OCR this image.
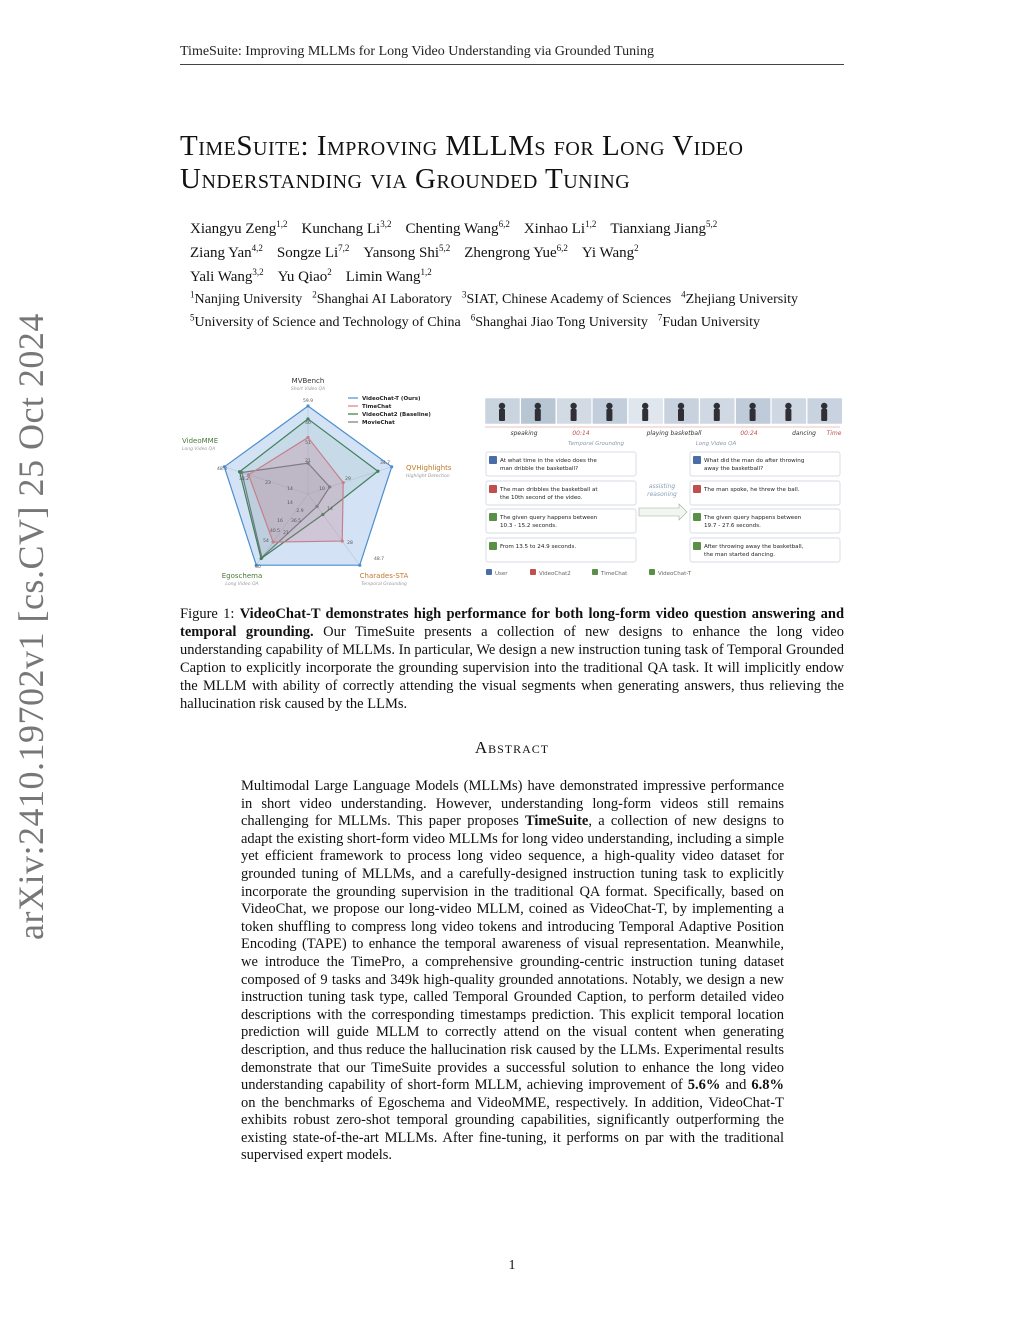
TimeSuite: Improving MLLMs for Long Video Understanding via Grounded Tuning
arXiv:2410.19702v1 [cs.CV] 25 Oct 2024
TimeSuite: Improving MLLMs for Long Video
Understanding via Grounded Tuning
Xiangyu Zeng$^{1,2}$ Kunchang Li$^{3,2}$ Chenting Wang$^{6,2}$ Xinhao Li$^{1,2}$ Tianxiang Jiang$^{5,2}$
Ziang Yan$^{4,2}$ Songze Li$^{7,2}$ Yansong Shi$^{5,2}$ Zhengrong Yue$^{6,2}$ Yi Wang$^2$
Yali Wang$^{3,2}$ Yu Qiao$^2$ Limin Wang$^{1,2}$
$^1$Nanjing University $^2$Shanghai AI Laboratory $^3$SIAT, Chinese Academy of Sciences $^4$Zhejiang University
$^5$University of Science and Technology of China $^6$Shanghai Jiao Tong University $^7$Fudan University
59.9
46
51
21	34.7
29
10
48.7
28
14
60
54
40.5
48.3
38.2
23
14
14
16
21
36.5
2.9
MVBench
Short Video QA
QVHighlights
Highlight Detection
Charades-STA
Temporal Grounding
Egoschema
Long Video QA
VideoMME
Long Video QA
VideoChat-T (Ours)
TimeChat
VideoChat2 (Baseline)
MovieChat
speaking	00:14	playing basketball	00:24	dancing Time
Temporal Grounding	Long Video QA
At what time in the video does the
man dribble the basketball?
The man dribbles the basketball at
the 10th second of the video.
The given query happens between
10.3 - 15.2 seconds.
From 13.5 to 24.9 seconds.
What did the man do after throwing
away the basketball?
The man spoke, he threw the ball.
The given query happens between
19.7 - 27.6 seconds.
After throwing away the basketball,
the man started dancing.
assisting
reasoning
User	VideoChat2	TimeChat	VideoChat-T

Figure 1: VideoChat-T demonstrates high performance for both long-form video question answering and temporal grounding. Our TimeSuite presents a collection of new designs to enhance the long video understanding capability of MLLMs. In particular, We design a new instruction tuning task of Temporal Grounded Caption to explicitly incorporate the grounding supervision into the traditional QA task. It will implicitly endow the MLLM with ability of correctly attending the visual segments when generating answers, thus relieving the hallucination risk caused by the LLMs.

Abstract

Multimodal Large Language Models (MLLMs) have demonstrated impressive performance in short video understanding. However, understanding long-form videos still remains challenging for MLLMs. This paper proposes TimeSuite, a collection of new designs to adapt the existing short-form video MLLMs for long video understanding, including a simple yet efficient framework to process long video sequence, a high-quality video dataset for grounded tuning of MLLMs, and a carefully-designed instruction tuning task to explicitly incorporate the grounding supervision in the traditional QA format. Specifically, based on VideoChat, we propose our long-video MLLM, coined as VideoChat-T, by implementing a token shuffling to compress long video tokens and introducing Temporal Adaptive Position Encoding (TAPE) to enhance the temporal awareness of visual representation. Meanwhile, we introduce the TimePro, a comprehensive grounding-centric instruction tuning dataset composed of 9 tasks and 349k high-quality grounded annotations. Notably, we design a new instruction tuning task type, called Temporal Grounded Caption, to perform detailed video descriptions with the corresponding timestamps prediction. This explicit temporal location prediction will guide MLLM to correctly attend on the visual content when generating description, and thus reduce the hallucination risk caused by the LLMs. Experimental results demonstrate that our TimeSuite provides a successful solution to enhance the long video understanding capability of short-form MLLM, achieving improvement of 5.6% and 6.8% on the benchmarks of Egoschema and VideoMME, respectively. In addition, VideoChat-T exhibits robust zero-shot temporal grounding capabilities, significantly outperforming the existing state-of-the-art MLLMs. After fine-tuning, it performs on par with the traditional supervised expert models.

1
